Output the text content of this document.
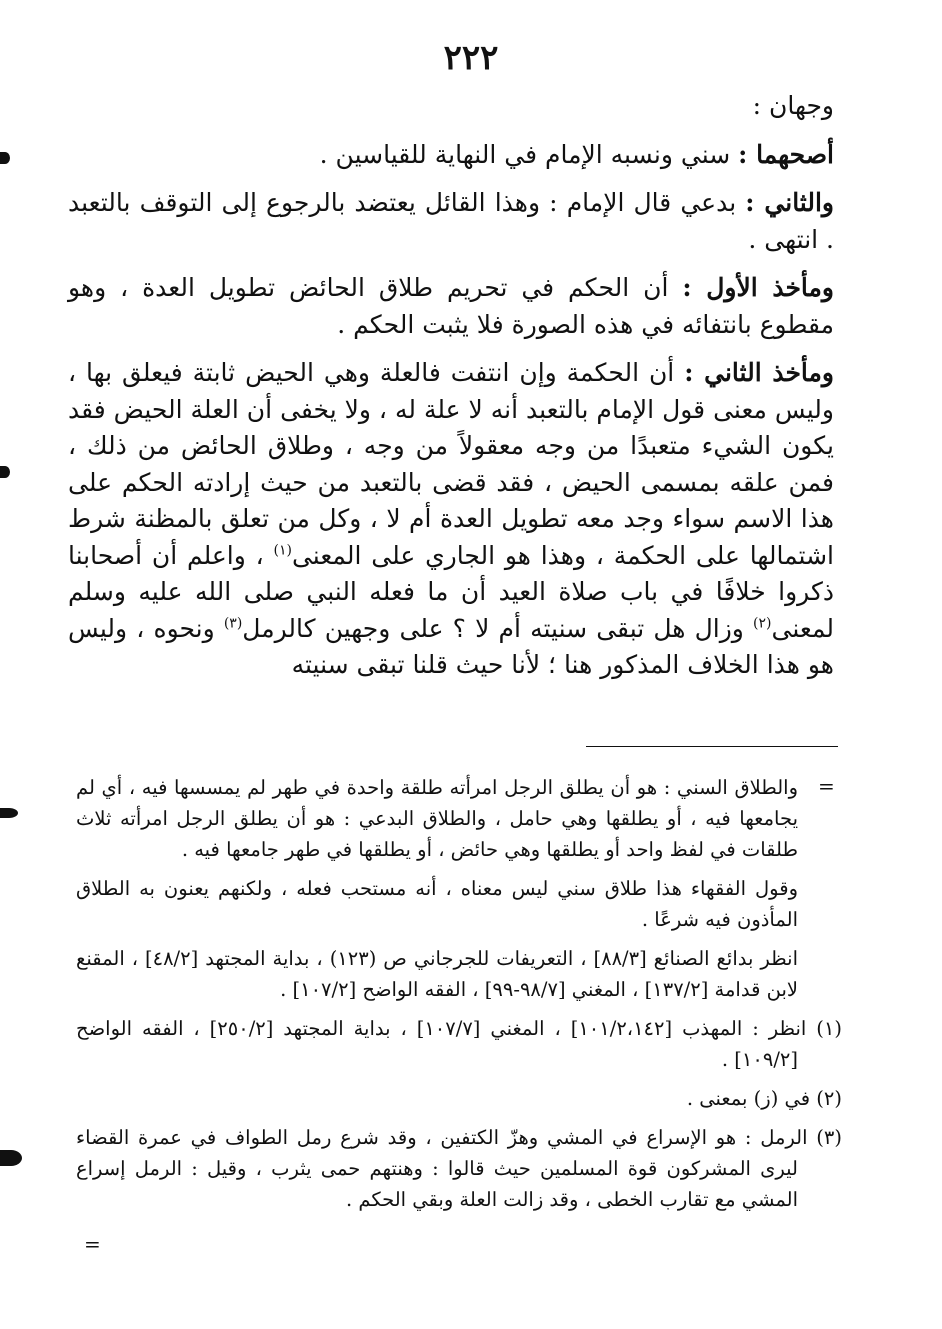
٢٢٢

وجهان :

أصحهما : سني ونسبه الإمام في النهاية للقياسين .

والثاني : بدعي قال الإمام : وهذا القائل يعتضد بالرجوع إلى التوقف بالتعبد . انتهى .

ومأخذ الأول : أن الحكم في تحريم طلاق الحائض تطويل العدة ، وهو مقطوع بانتفائه في هذه الصورة فلا يثبت الحكم .

ومأخذ الثاني : أن الحكمة وإن انتفت فالعلة وهي الحيض ثابتة فيعلق بها ، وليس معنى قول الإمام بالتعبد أنه لا علة له ، ولا يخفى أن العلة الحيض فقد يكون الشيء متعبدًا من وجه معقولاً من وجه ، وطلاق الحائض من ذلك ، فمن علقه بمسمى الحيض ، فقد قضى بالتعبد من حيث إرادته الحكم على هذا الاسم سواء وجد معه تطويل العدة أم لا ، وكل من تعلق بالمظنة شرط اشتمالها على الحكمة ، وهذا هو الجاري على المعنى$^{(١)}$ ، واعلم أن أصحابنا ذكروا خلافًا في باب صلاة العيد أن ما فعله النبي صلى الله عليه وسلم لمعنى$^{(٢)}$ وزال هل تبقى سنيته أم لا ؟ على وجهين كالرمل$^{(٣)}$ ونحوه ، وليس هو هذا الخلاف المذكور هنا ؛ لأنا حيث قلنا تبقى سنيته

=

والطلاق السني : هو أن يطلق الرجل امرأته طلقة واحدة في طهر لم يمسسها فيه ، أي لم يجامعها فيه ، أو يطلقها وهي حامل ، والطلاق البدعي : هو أن يطلق الرجل امرأته ثلاث طلقات في لفظ واحد أو يطلقها وهي حائض ، أو يطلقها في طهر جامعها فيه .

وقول الفقهاء هذا طلاق سني ليس معناه ، أنه مستحب فعله ، ولكنهم يعنون به الطلاق المأذون فيه شرعًا .

انظر بدائع الصنائع [٨٨/٣] ، التعريفات للجرجاني ص (١٢٣) ، بداية المجتهد [٤٨/٢] ، المقنع لابن قدامة [١٣٧/٢] ، المغني [٩٨/٧-٩٩] ، الفقه الواضح [١٠٧/٢] .

(١) انظر : المهذب [١٠١/٢،١٤٢] ، المغني [١٠٧/٧] ، بداية المجتهد [٢٥٠/٢] ، الفقه الواضح [١٠٩/٢] .

(٢) في (ز) بمعنى .

(٣) الرمل : هو الإسراع في المشي وهزّ الكتفين ، وقد شرع رمل الطواف في عمرة القضاء ليرى المشركون قوة المسلمين حيث قالوا : وهنتهم حمى يثرب ، وقيل : الرمل إسراع المشي مع تقارب الخطى ، وقد زالت العلة وبقي الحكم .

=
